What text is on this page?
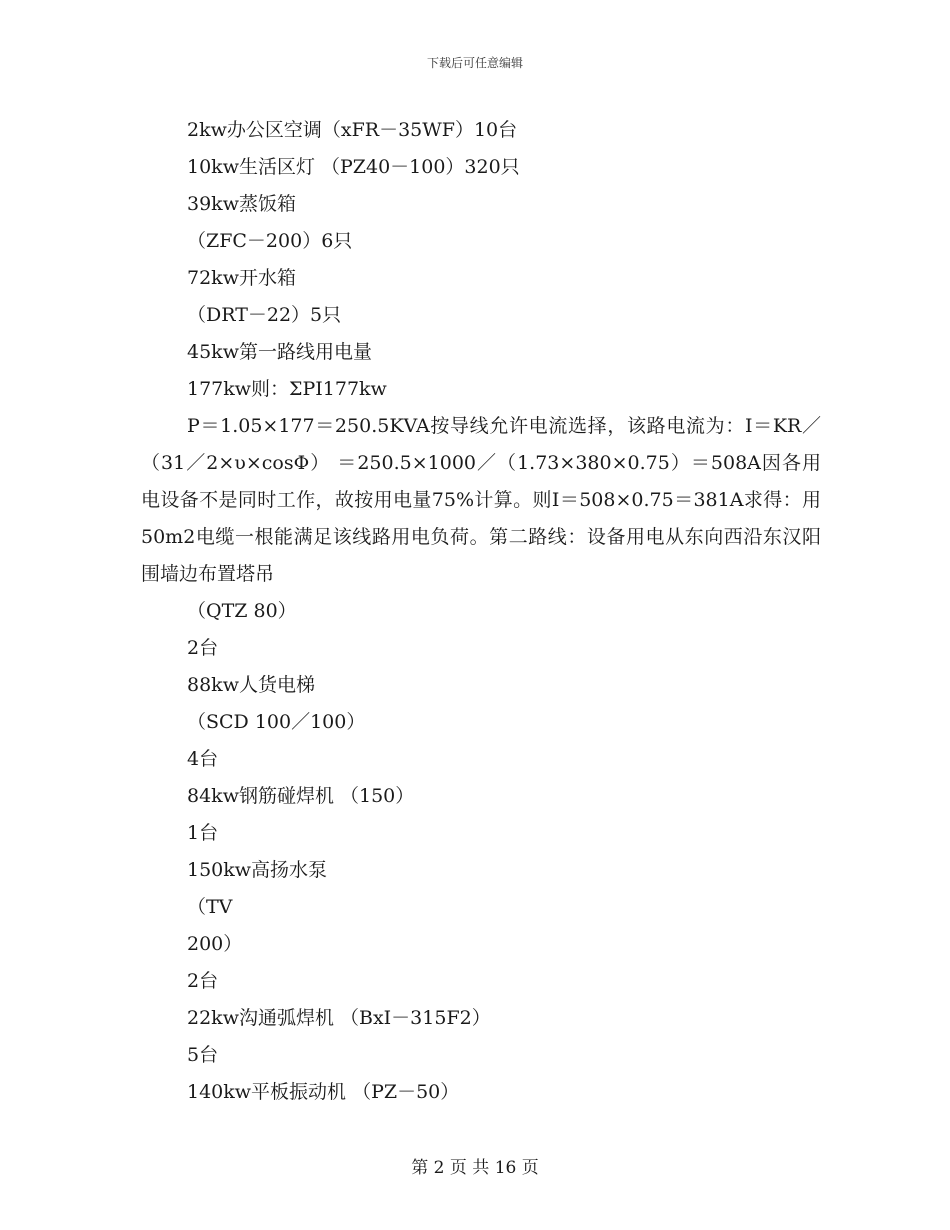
下载后可任意编辑
2kw办公区空调（xFR－35WF）10台
10kw生活区灯 （PZ40－100）320只
39kw蒸饭箱
（ZFC－200）6只
72kw开水箱
（DRT－22）5只
45kw第一路线用电量
177kw则：ΣPI177kw

P＝1.05×177＝250.5KVA按导线允许电流选择，该路电流为：I＝KR／（31／2×υ×cosΦ） ＝250.5×1000／（1.73×380×0.75）＝508A因各用电设备不是同时工作，故按用电量75%计算。则I＝508×0.75＝381A求得：用50m2电缆一根能满足该线路用电负荷。第二路线：设备用电从东向西沿东汉阳围墙边布置塔吊

（QTZ 80）
2台
88kw人货电梯
（SCD 100／100）
4台
84kw钢筋碰焊机 （150）
1台
150kw高扬水泵
（TV
200）
2台
22kw沟通弧焊机 （BxI－315F2）
5台
140kw平板振动机 （PZ－50）
第 2 页 共 16 页
